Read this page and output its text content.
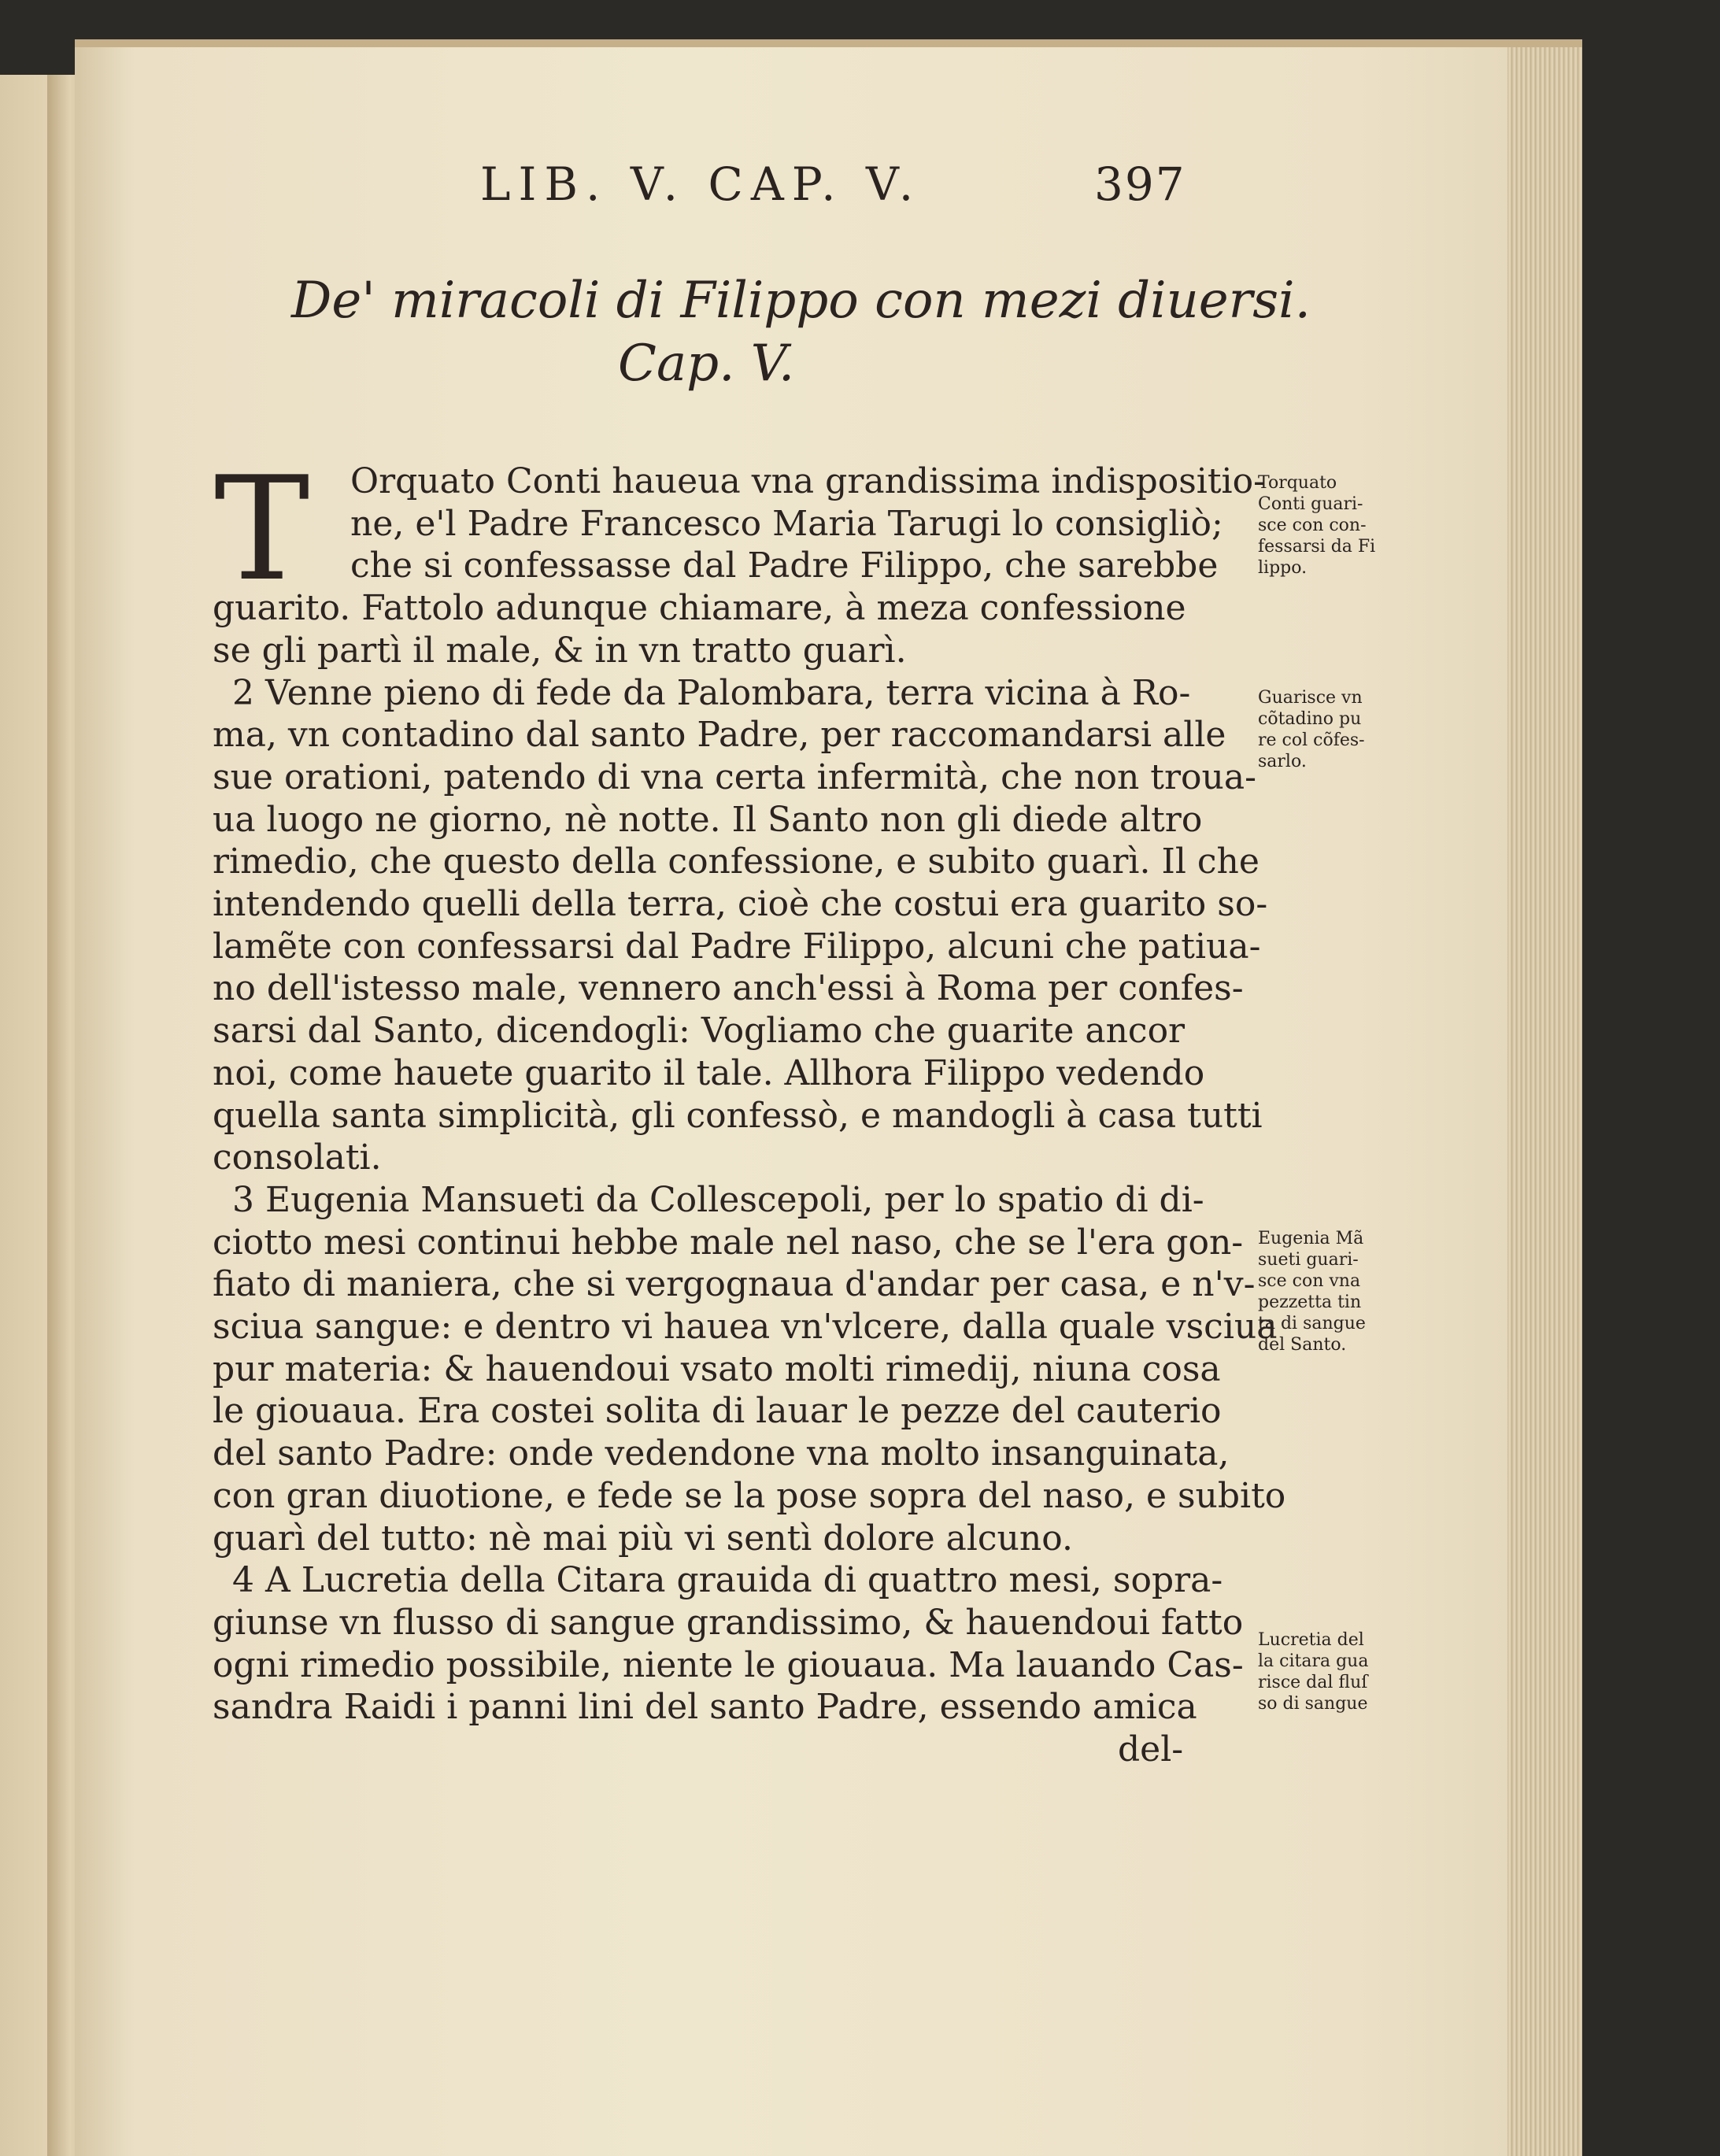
LIB. V. CAP. V.	397
De' miracoli di Filippo con mezi diuersi.
Cap. V.
T Orquato Conti haueua vna grandissima indispositio-
ne, e'l Padre Francesco Maria Tarugi lo consigliò;
che si confessasse dal Padre Filippo, che sarebbe
guarito. Fattolo adunque chiamare, à meza confessione
se gli partì il male, & in vn tratto guarì.
2 Venne pieno di fede da Palombara, terra vicina à Ro-
ma, vn contadino dal santo Padre, per raccomandarsi alle
sue orationi, patendo di vna certa infermità, che non troua-
ua luogo ne giorno, nè notte. Il Santo non gli diede altro
rimedio, che questo della confessione, e subito guarì. Il che
intendendo quelli della terra, cioè che costui era guarito so-
lamẽte con confessarsi dal Padre Filippo, alcuni che patiua-
no dell'istesso male, vennero anch'essi à Roma per confes-
sarsi dal Santo, dicendogli: Vogliamo che guarite ancor
noi, come hauete guarito il tale. Allhora Filippo vedendo
quella santa simplicità, gli confessò, e mandogli à casa tutti
consolati.
3 Eugenia Mansueti da Collescepoli, per lo spatio di di-
ciotto mesi continui hebbe male nel naso, che se l'era gon-
fiato di maniera, che si vergognaua d'andar per casa, e n'v-
sciua sangue: e dentro vi hauea vn'vlcere, dalla quale vsciua
pur materia: & hauendoui vsato molti rimedij, niuna cosa
le giouaua. Era costei solita di lauar le pezze del cauterio
del santo Padre: onde vedendone vna molto insanguinata,
con gran diuotione, e fede se la pose sopra del naso, e subito
guarì del tutto: nè mai più vi sentì dolore alcuno.
4 A Lucretia della Citara grauida di quattro mesi, sopra-
giunse vn flusso di sangue grandissimo, & hauendoui fatto
ogni rimedio possibile, niente le giouaua. Ma lauando Cas-
sandra Raidi i panni lini del santo Padre, essendo amica
del-
Torquato
Conti guari-
sce con con-
fessarsi da Fi
lippo.
Guarisce vn
cõtadino pu
re col cõfes-
sarlo.
Eugenia Mã
sueti guari-
sce con vna
pezzetta tin
ta di sangue
del Santo.
Lucretia del
la citara gua
risce dal fluſ
so di sangue
